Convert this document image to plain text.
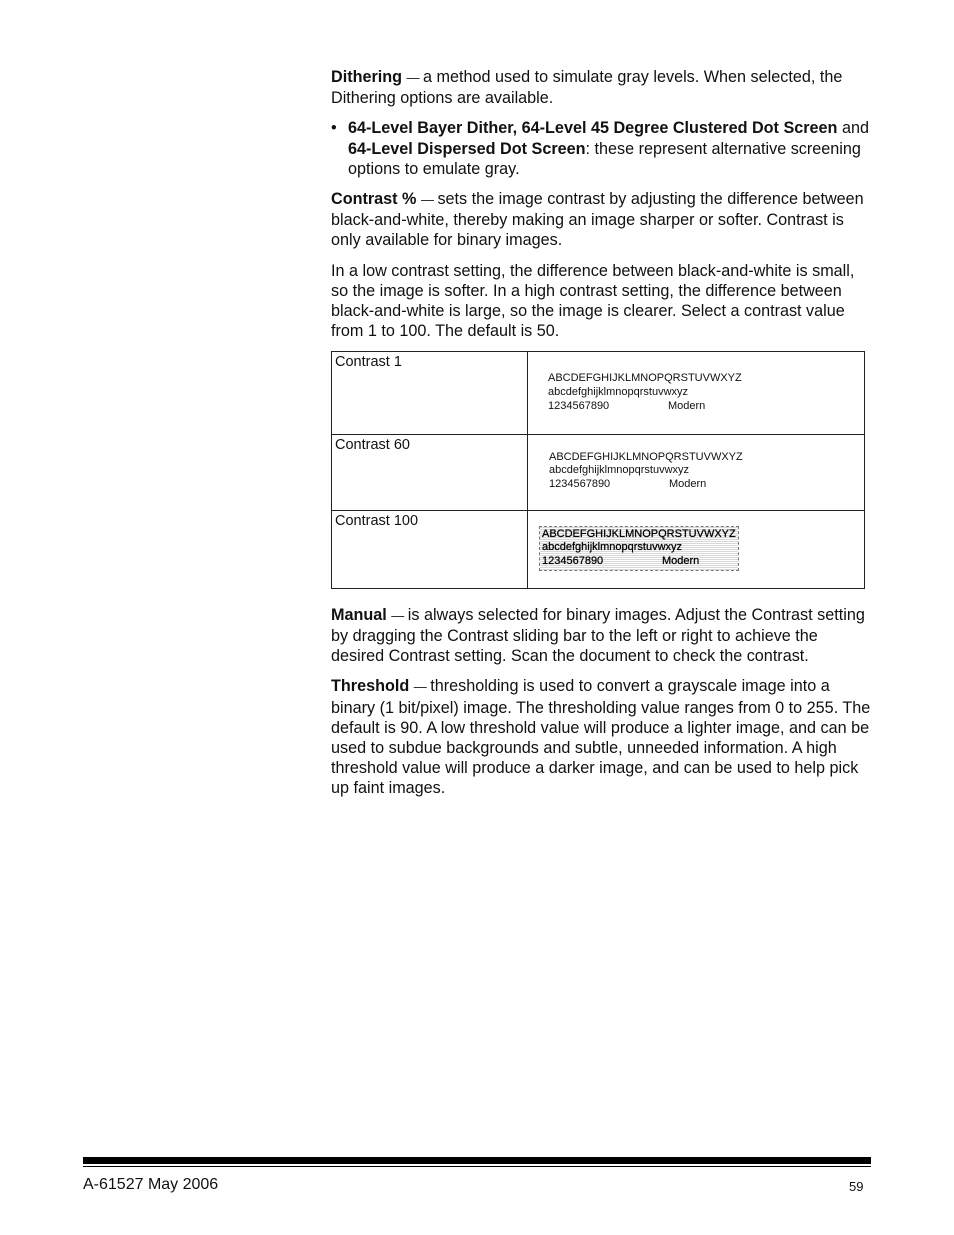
Dithering — a method used to simulate gray levels. When selected, the Dithering options are available.

• 64-Level Bayer Dither, 64-Level 45 Degree Clustered Dot Screen and 64-Level Dispersed Dot Screen: these represent alternative screening options to emulate gray.

Contrast % — sets the image contrast by adjusting the difference between black-and-white, thereby making an image sharper or softer. Contrast is only available for binary images.

In a low contrast setting, the difference between black-and-white is small, so the image is softer. In a high contrast setting, the difference between black-and-white is large, so the image is clearer. Select a contrast value from 1 to 100. The default is 50.

Contrast 1	ABCDEFGHIJKLMNOPQRSTUVWXYZ
abcdefghijklmnopqrstuvwxyz
1234567890 Modern

Contrast 60	ABCDEFGHIJKLMNOPQRSTUVWXYZ
abcdefghijklmnopqrstuvwxyz
1234567890 Modern

Contrast 100	ABCDEFGHIJKLMNOPQRSTUVWXYZ
abcdefghijklmnopqrstuvwxyz
1234567890 Modern

Manual — is always selected for binary images. Adjust the Contrast setting by dragging the Contrast sliding bar to the left or right to achieve the desired Contrast setting. Scan the document to check the contrast.

Threshold — thresholding is used to convert a grayscale image into a binary (1 bit/pixel) image. The thresholding value ranges from 0 to 255. The default is 90. A low threshold value will produce a lighter image, and can be used to subdue backgrounds and subtle, unneeded information. A high threshold value will produce a darker image, and can be used to help pick up faint images.

A-61527 May 2006	59
